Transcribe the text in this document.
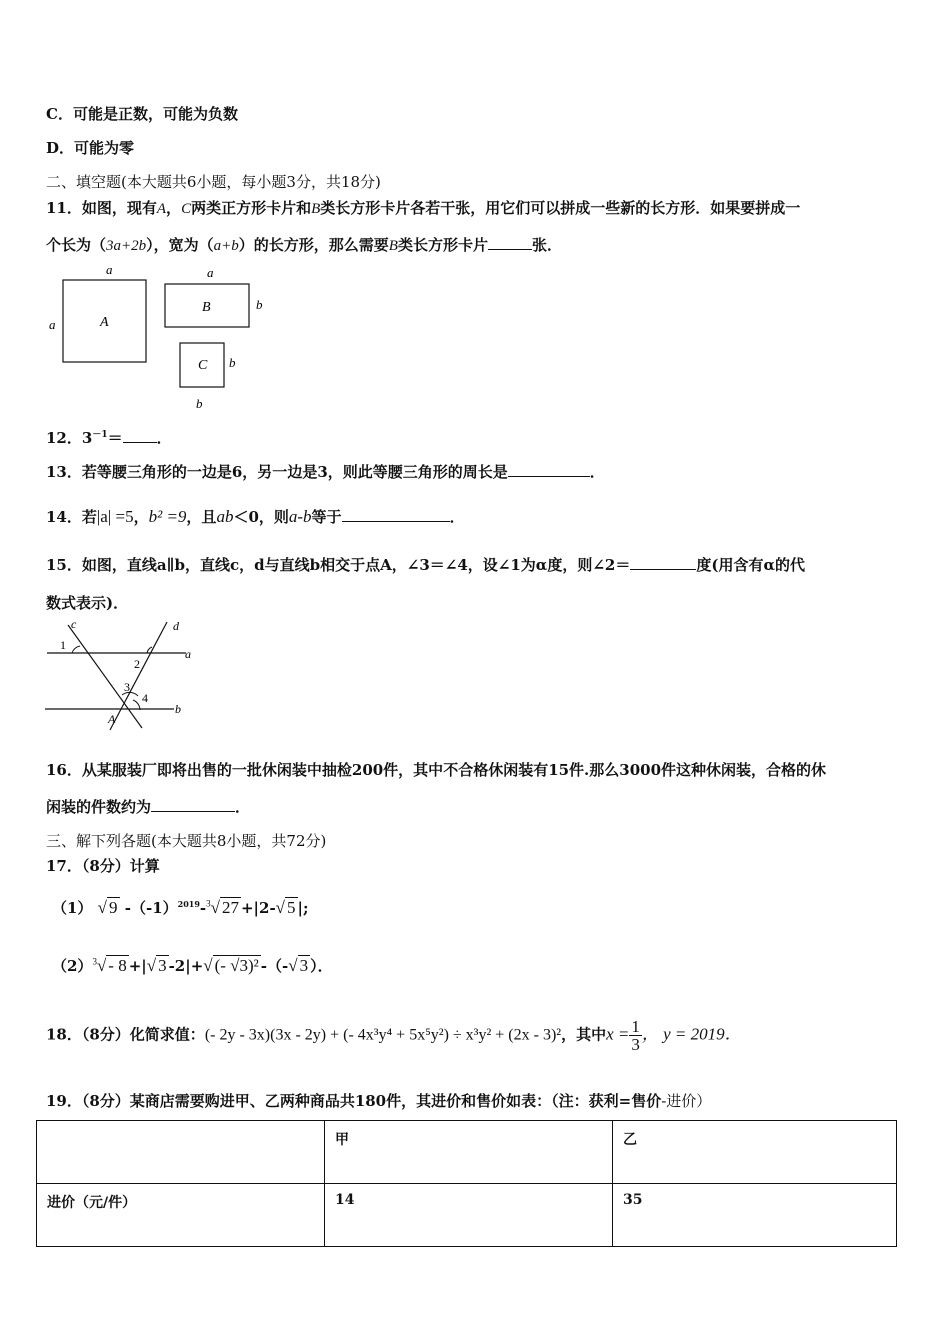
C．可能是正数，可能为负数
D．可能为零
二、填空题(本大题共6小题，每小题3分，共18分)
11．如图，现有A，C两类正方形卡片和B类长方形卡片各若干张，用它们可以拼成一些新的长方形．如果要拼成一
个长为（3a+2b），宽为（a+b）的长方形，那么需要B类长方形卡片	张．
A
a
a
B
a
b
C b
b
12．$3^{-1}=$ ．
13．若等腰三角形的一边是6，另一边是3，则此等腰三角形的周长是	．
14．若|a| =5，b² =9，且ab＜0，则a-b等于	．
15．如图，直线a∥b，直线c，d与直线b相交于点A，∠3＝∠4，设∠1为α度，则∠2＝	度(用含有α的代
数式表示)．
c	d
a
b
1
2
3
4
A
16．从某服装厂即将出售的一批休闲装中抽检200件，其中不合格休闲装有15件.那么3000件这种休闲装，合格的休
闲装的件数约为	．
三、解下列各题(本大题共8小题，共72分)
17．（8分）计算
（1） √ 9 $-(-1)^{2019}-^3√$ 27 +|2-√ 5 |;
$(2)^3√ - 8$ +|√ 3 -2|+√ (- √3)² -（-√ 3 ）．
18．（8分）化简求值：(- 2y - 3x)(3x - 2y) + (- 4x³y⁴ + 5x⁵y²) ÷ x³y² + (2x - 3)²，其中$x = \frac{1}{3}$ ， y = 2019．
19．（8分）某商店需要购进甲、乙两种商品共180件，其进价和售价如表：（注：获利=售价-进价）
	甲	乙
进价（元/件）	14	35
